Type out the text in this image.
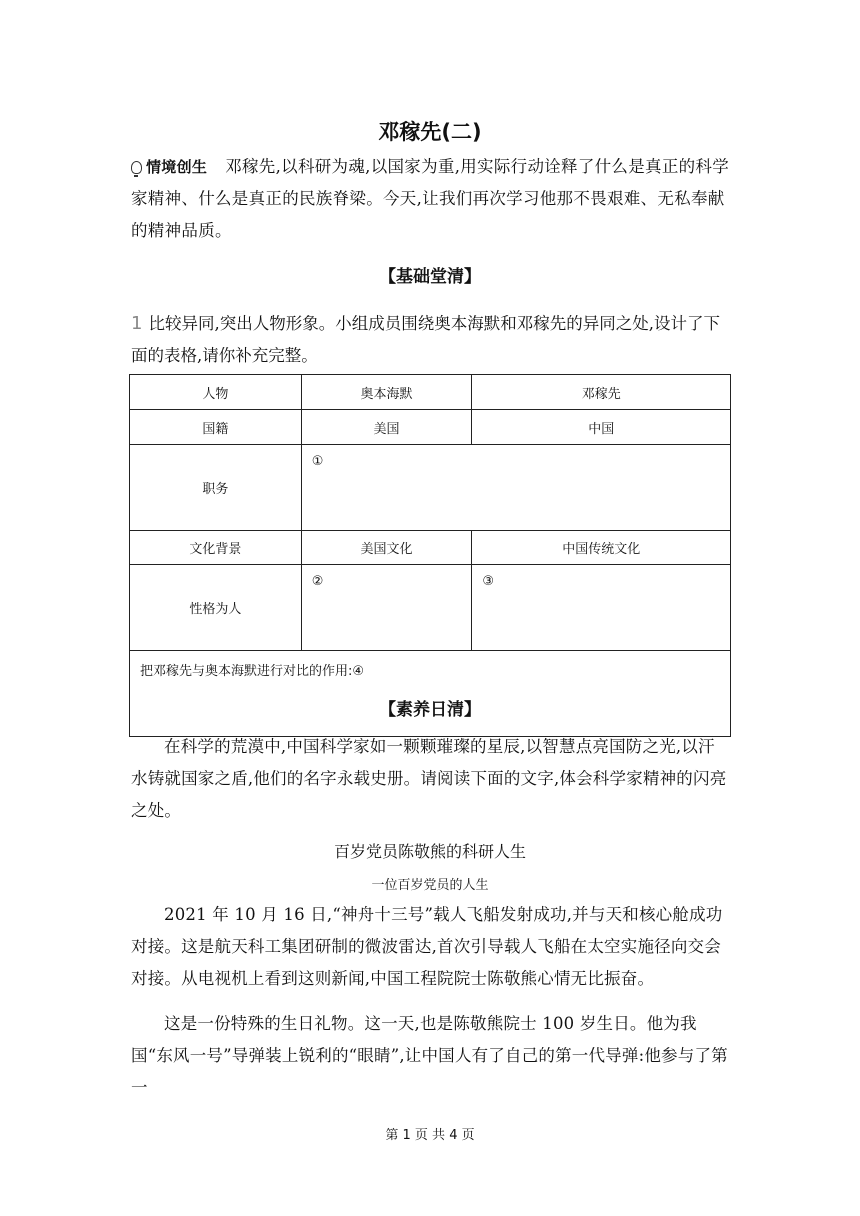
邓稼先(二)
情境创生 邓稼先,以科研为魂,以国家为重,用实际行动诠释了什么是真正的科学家精神、什么是真正的民族脊梁。今天,让我们再次学习他那不畏艰难、无私奉献的精神品质。
【基础堂清】
1 比较异同,突出人物形象。小组成员围绕奥本海默和邓稼先的异同之处,设计了下面的表格,请你补充完整。
人物	奥本海默	邓稼先
国籍	美国	中国
职务	①	
文化背景	美国文化	中国传统文化
性格为人	②	③
把邓稼先与奥本海默进行对比的作用:④		
【素养日清】
在科学的荒漠中,中国科学家如一颗颗璀璨的星辰,以智慧点亮国防之光,以汗水铸就国家之盾,他们的名字永载史册。请阅读下面的文字,体会科学家精神的闪亮之处。
百岁党员陈敬熊的科研人生
一位百岁党员的人生
2021 年 10 月 16 日,“神舟十三号”载人飞船发射成功,并与天和核心舱成功对接。这是航天科工集团研制的微波雷达,首次引导载人飞船在太空实施径向交会对接。从电视机上看到这则新闻,中国工程院院士陈敬熊心情无比振奋。
这是一份特殊的生日礼物。这一天,也是陈敬熊院士 100 岁生日。他为我国“东风一号”导弹装上锐利的“眼睛”,让中国人有了自己的第一代导弹:他参与了第一
第 1 页 共 4 页
